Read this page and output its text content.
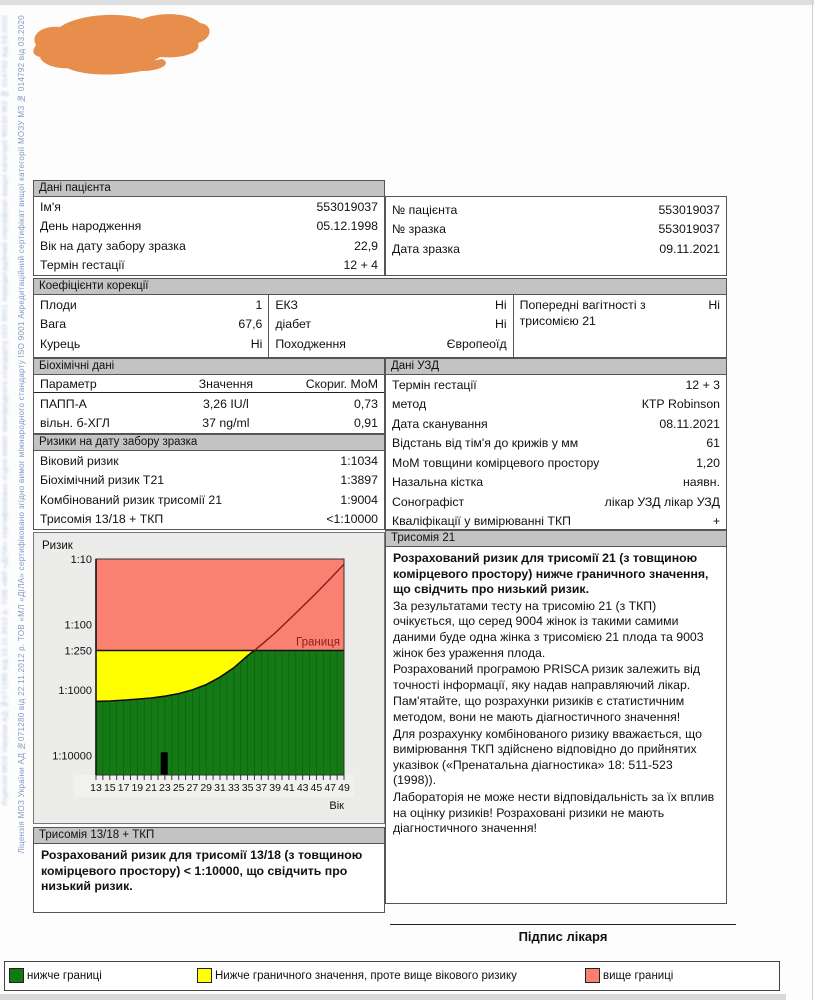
Ліцензія МОЗ України АД №071280 від 22.11.2012 р. ТОВ «МЛ «ДІЛА» сертифіковано згідно вимог міжнародного стандарту ISO 9001 Акредитаційний сертифікат вищої категорії МОЗУ МЗ № 014792 від 03.2020 Ліцензія МОЗ України АД №071280 від 22.11.2012 р. ТОВ «МЛ «ДІЛА» сертифіковано згідно вимог міжнародного стандарту ISO 9001 Акредитаційний сертифікат вищої категорії МОЗУ МЗ № 014792 від 03.2020	Дані пацієнта
Ім'я	553019037
День народження	05.12.1998
Вік на дату забору зразка	22,9
Термін гестації	12 + 4
№ пацієнта	553019037
№ зразка	553019037
Дата зразка	09.11.2021
Коефіцієнти корекції
Плоди	1
Вага	67,6
Курець	Ні
ЕКЗ	Ні
діабет	Ні
Походження	Європеоїд
Попередні вагітності з трисомією 21
Ні
Біохімічні дані
Параметр	Значення	Скориг. МоМ
ПАПП-А	3,26 IU/l	0,73
вільн. б-ХГЛ	37 ng/ml	0,91
Ризики на дату забору зразка
Віковий ризик	1:1034
Біохімічний ризик Т21	1:3897
Комбінований ризик трисомії 21	1:9004
Трисомія 13/18 + ТКП	<1:10000
Дані УЗД
Термін гестації	12 + 3
метод	КТР Robinson
Дата сканування	08.11.2021
Відстань від тім'я до крижів у мм	61
МоМ товщини комірцевого простору	1,20
Назальна кістка	наявн.
Сонографіст	лікар УЗД лікар УЗД
Кваліфікації у вимірюванні ТКП	+
Трисомія 21

Розрахований ризик для трисомії 21 (з товщиною комірцевого простору) нижче граничного значення, що свідчить про низький ризик.

За результатами тесту на трисомію 21 (з ТКП) очікується, що серед 9004 жінок із такими самими даними буде одна жінка з трисомією 21 плода та 9003 жінок без ураження плода.

Розрахований програмою PRISCA ризик залежить від точності інформації, яку надав направляючий лікар.

Пам'ятайте, що розрахунки ризиків є статистичним методом, вони не мають діагностичного значення!

Для розрахунку комбінованого ризику вважається, що вимірювання ТКП здійснено відповідно до прийнятих указівок («Пренатальна діагностика» 18: 511-523 (1998)).

Лабораторія не може нести відповідальність за їх вплив на оцінку ризиків! Розраховані ризики не мають діагностичного значення!

13 15 17 19 21 23 25 27 29 31 33 35 37 39 41 43 45 47 49
1:10
1:100
1:250
1:1000
1:10000
Границя
Ризик
Вік
Трисомія 13/18 + ТКП

Розрахований ризик для трисомії 13/18 (з товщиною комірцевого простору) < 1:10000, що свідчить про низький ризик.

Підпис лікаря
нижче границі	Нижче граничного значення, проте вище вікового ризику	вище границі
